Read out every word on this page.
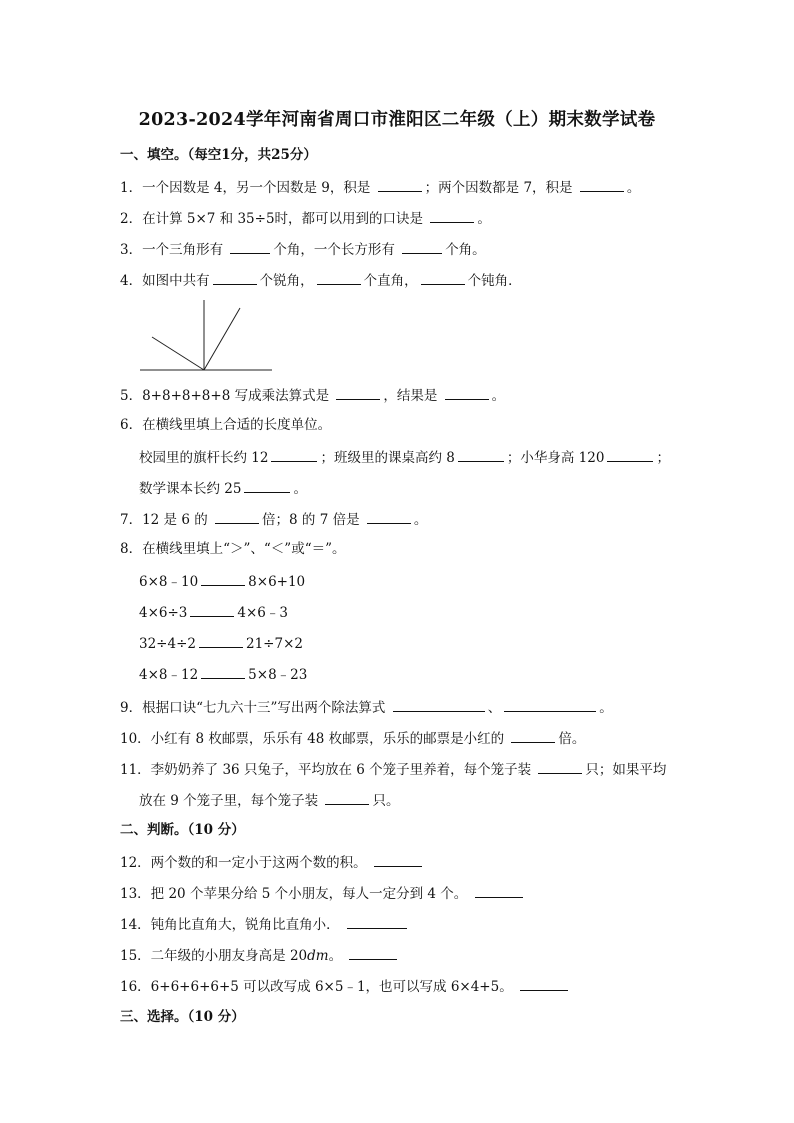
2023-2024学年河南省周口市淮阳区二年级（上）期末数学试卷
一、填空。（每空1分，共25分）
1．一个因数是 4，另一个因数是 9，积是	；两个因数都是 7，积是	。
2．在计算 5×7 和 35÷5时，都可以用到的口诀是	。
3．一个三角形有	个角，一个长方形有	个角。
4．如图中共有	个锐角，	个直角，	个钝角．
5．8+8+8+8+8 写成乘法算式是	，结果是	。
6．在横线里填上合适的长度单位。
校园里的旗杆长约 12	；班级里的课桌高约 8	；小华身高 120	；
数学课本长约 25	。
7．12 是 6 的	倍；8 的 7 倍是	。
8．在横线里填上“＞”、“＜”或“＝”。
6×8﹣10	8×6+10
4×6÷3	4×6﹣3
32÷4÷2	21÷7×2
4×8﹣12	5×8﹣23
9．根据口诀“七九六十三”写出两个除法算式	、	。
10．小红有 8 枚邮票，乐乐有 48 枚邮票，乐乐的邮票是小红的	倍。
11．李奶奶养了 36 只兔子，平均放在 6 个笼子里养着，每个笼子装	只；如果平均
放在 9 个笼子里，每个笼子装	只。
二、判断。（10 分）
12．两个数的和一定小于这两个数的积。
13．把 20 个苹果分给 5 个小朋友，每人一定分到 4 个。
14．钝角比直角大，锐角比直角小．
15．二年级的小朋友身高是 20dm。
16．6+6+6+6+5 可以改写成 6×5﹣1，也可以写成 6×4+5。
三、选择。（10 分）
